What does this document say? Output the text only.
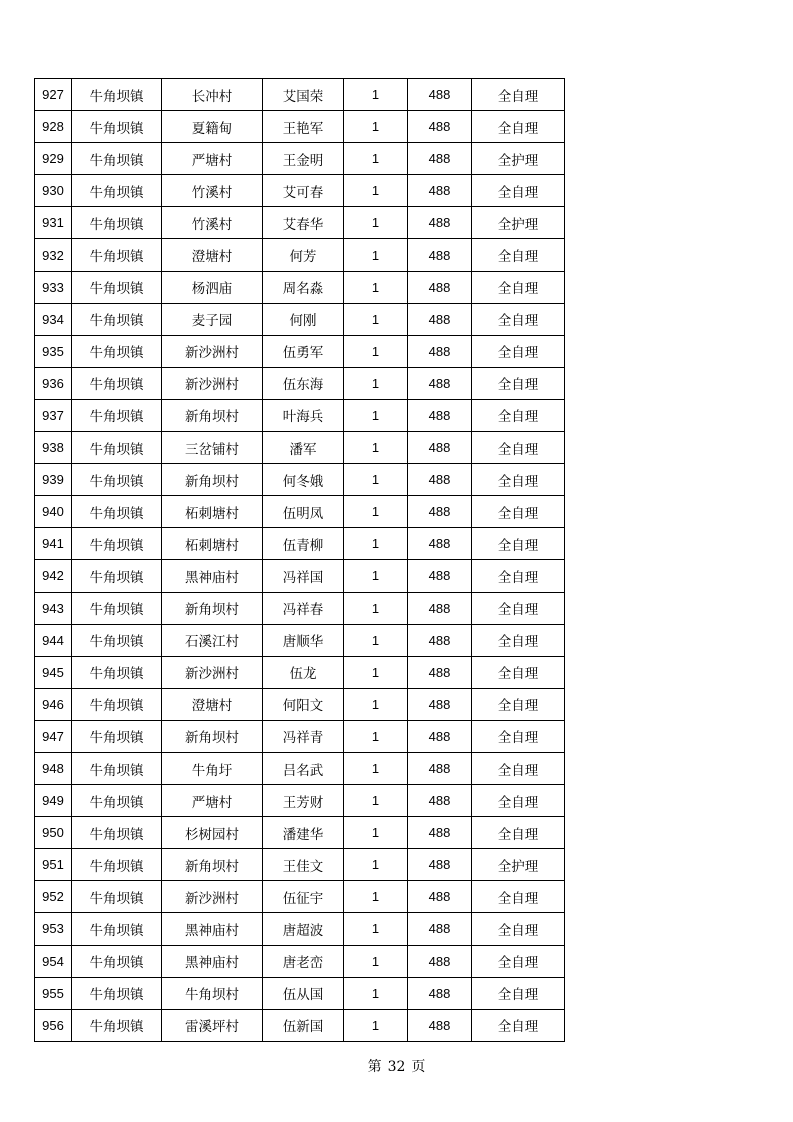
927	牛角坝镇	长冲村	艾国荣	1	488	全自理
928	牛角坝镇	夏籍甸	王艳军	1	488	全自理
929	牛角坝镇	严塘村	王金明	1	488	全护理
930	牛角坝镇	竹溪村	艾可春	1	488	全自理
931	牛角坝镇	竹溪村	艾春华	1	488	全护理
932	牛角坝镇	澄塘村	何芳	1	488	全自理
933	牛角坝镇	杨泗庙	周名淼	1	488	全自理
934	牛角坝镇	麦子园	何刚	1	488	全自理
935	牛角坝镇	新沙洲村	伍勇军	1	488	全自理
936	牛角坝镇	新沙洲村	伍东海	1	488	全自理
937	牛角坝镇	新角坝村	叶海兵	1	488	全自理
938	牛角坝镇	三岔铺村	潘军	1	488	全自理
939	牛角坝镇	新角坝村	何冬娥	1	488	全自理
940	牛角坝镇	柘刺塘村	伍明凤	1	488	全自理
941	牛角坝镇	柘刺塘村	伍青柳	1	488	全自理
942	牛角坝镇	黑神庙村	冯祥国	1	488	全自理
943	牛角坝镇	新角坝村	冯祥春	1	488	全自理
944	牛角坝镇	石溪江村	唐顺华	1	488	全自理
945	牛角坝镇	新沙洲村	伍龙	1	488	全自理
946	牛角坝镇	澄塘村	何阳文	1	488	全自理
947	牛角坝镇	新角坝村	冯祥青	1	488	全自理
948	牛角坝镇	牛角圩	吕名武	1	488	全自理
949	牛角坝镇	严塘村	王芳财	1	488	全自理
950	牛角坝镇	杉树园村	潘建华	1	488	全自理
951	牛角坝镇	新角坝村	王佳文	1	488	全护理
952	牛角坝镇	新沙洲村	伍征宇	1	488	全自理
953	牛角坝镇	黑神庙村	唐超波	1	488	全自理
954	牛角坝镇	黑神庙村	唐老峦	1	488	全自理
955	牛角坝镇	牛角坝村	伍从国	1	488	全自理
956	牛角坝镇	雷溪坪村	伍新国	1	488	全自理
第 32 页
